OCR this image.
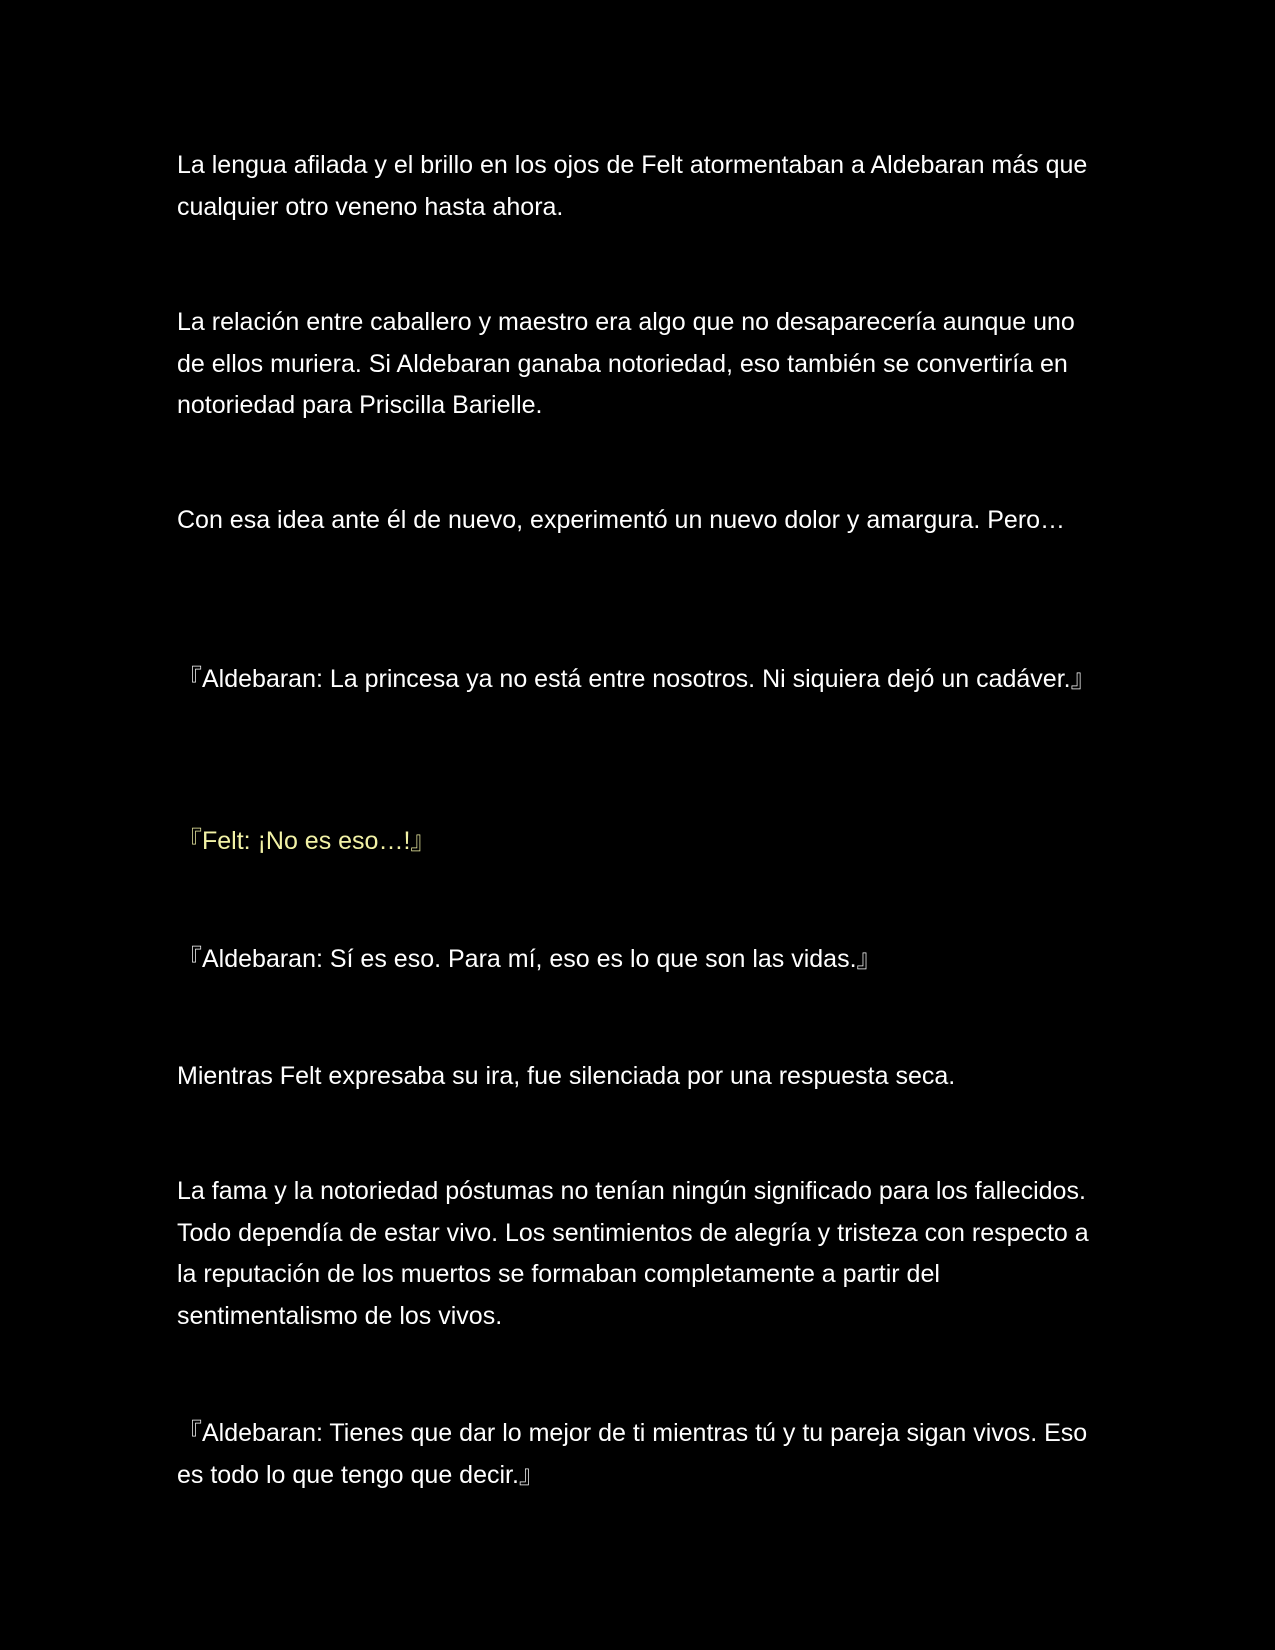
La lengua afilada y el brillo en los ojos de Felt atormentaban a Aldebaran más que cualquier otro veneno hasta ahora.

La relación entre caballero y maestro era algo que no desaparecería aunque uno de ellos muriera. Si Aldebaran ganaba notoriedad, eso también se convertiría en notoriedad para Priscilla Barielle.

Con esa idea ante él de nuevo, experimentó un nuevo dolor y amargura. Pero…

『Aldebaran: La princesa ya no está entre nosotros. Ni siquiera dejó un cadáver.』

『Felt: ¡No es eso…!』

『Aldebaran: Sí es eso. Para mí, eso es lo que son las vidas.』

Mientras Felt expresaba su ira, fue silenciada por una respuesta seca.

La fama y la notoriedad póstumas no tenían ningún significado para los fallecidos. Todo dependía de estar vivo. Los sentimientos de alegría y tristeza con respecto a la reputación de los muertos se formaban completamente a partir del sentimentalismo de los vivos.

『Aldebaran: Tienes que dar lo mejor de ti mientras tú y tu pareja sigan vivos. Eso es todo lo que tengo que decir.』
